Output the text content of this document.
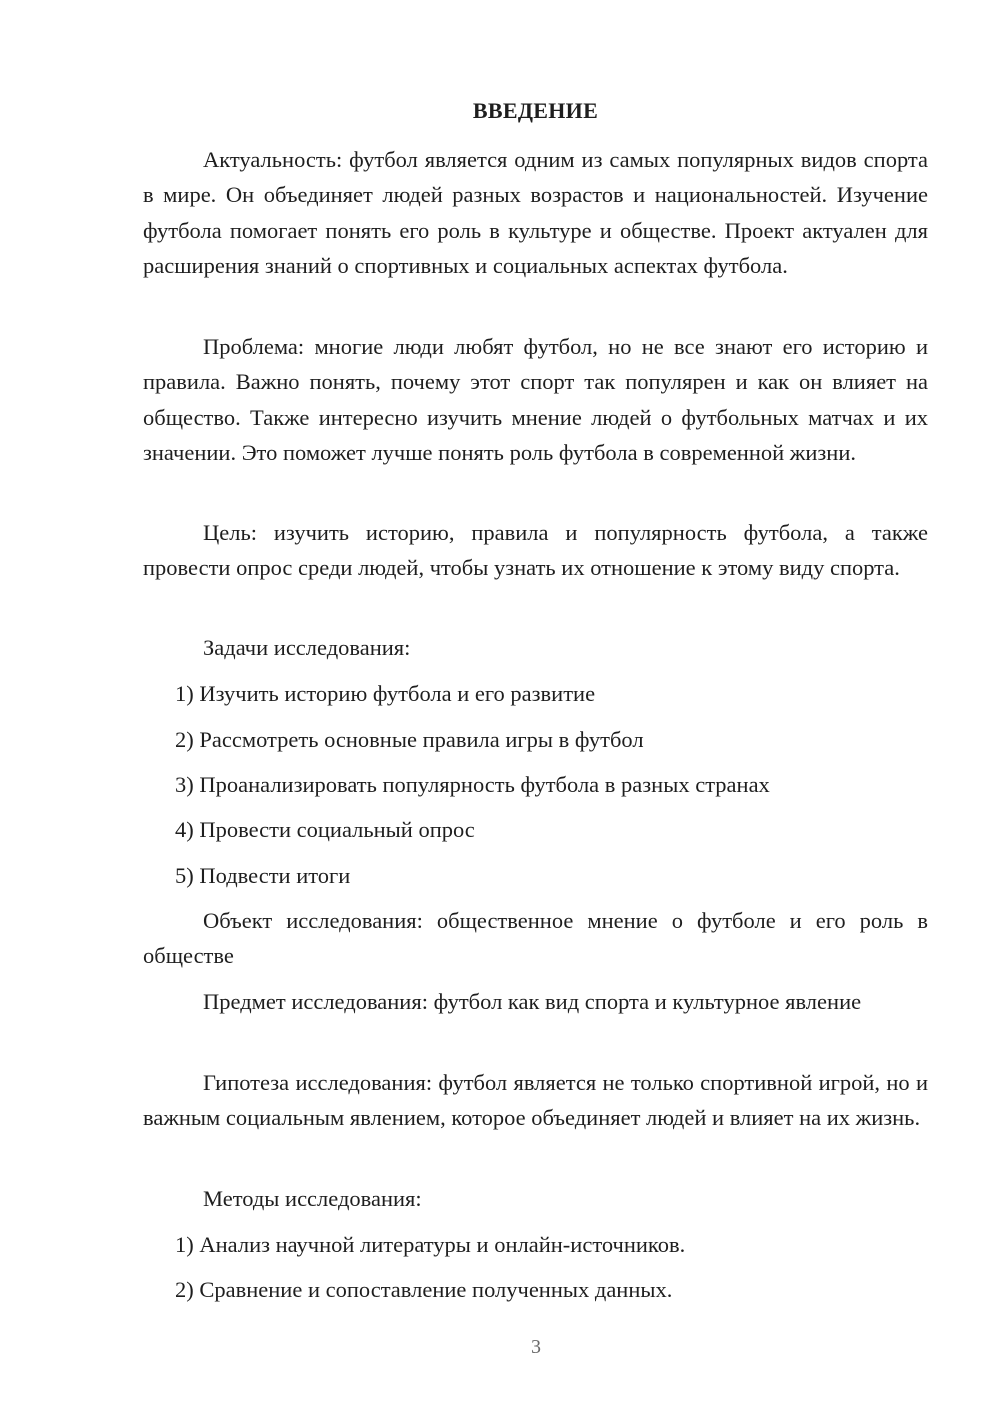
ВВЕДЕНИЕ

Актуальность: футбол является одним из самых популярных видов спорта в мире. Он объединяет людей разных возрастов и национальностей. Изучение футбола помогает понять его роль в культуре и обществе. Проект актуален для расширения знаний о спортивных и социальных аспектах футбола.

Проблема: многие люди любят футбол, но не все знают его историю и правила. Важно понять, почему этот спорт так популярен и как он влияет на общество. Также интересно изучить мнение людей о футбольных матчах и их значении. Это поможет лучше понять роль футбола в современной жизни.

Цель: изучить историю, правила и популярность футбола, а также провести опрос среди людей, чтобы узнать их отношение к этому виду спорта.

Задачи исследования:

1) Изучить историю футбола и его развитие

2) Рассмотреть основные правила игры в футбол

3) Проанализировать популярность футбола в разных странах

4) Провести социальный опрос

5) Подвести итоги

Объект исследования: общественное мнение о футболе и его роль в обществе

Предмет исследования: футбол как вид спорта и культурное явление

Гипотеза исследования: футбол является не только спортивной игрой, но и важным социальным явлением, которое объединяет людей и влияет на их жизнь.

Методы исследования:

1) Анализ научной литературы и онлайн-источников.

2) Сравнение и сопоставление полученных данных.

3
